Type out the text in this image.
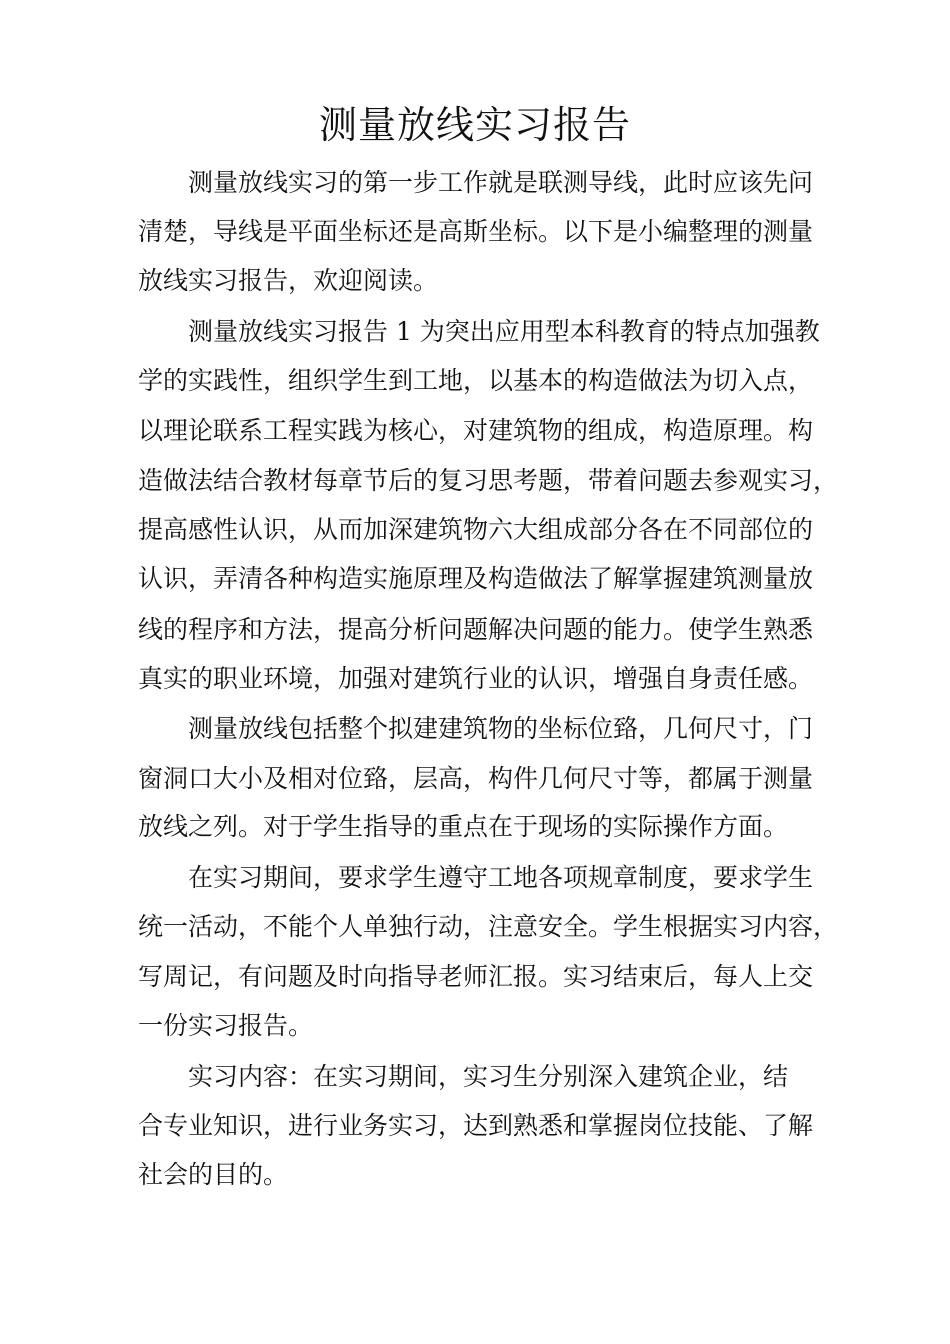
测量放线实习报告

测量放线实习的第一步工作就是联测导线，此时应该先问

清楚，导线是平面坐标还是高斯坐标。以下是小编整理的测量

放线实习报告，欢迎阅读。

测量放线实习报告 1 为突出应用型本科教育的特点加强教

学的实践性，组织学生到工地，以基本的构造做法为切入点，

以理论联系工程实践为核心，对建筑物的组成，构造原理。构

造做法结合教材每章节后的复习思考题，带着问题去参观实习，

提高感性认识，从而加深建筑物六大组成部分各在不同部位的

认识，弄清各种构造实施原理及构造做法了解掌握建筑测量放

线的程序和方法，提高分析问题解决问题的能力。使学生熟悉

真实的职业环境，加强对建筑行业的认识，增强自身责任感。

测量放线包括整个拟建建筑物的坐标位臵，几何尺寸，门

窗洞口大小及相对位臵，层高，构件几何尺寸等，都属于测量

放线之列。对于学生指导的重点在于现场的实际操作方面。

在实习期间，要求学生遵守工地各项规章制度，要求学生

统一活动，不能个人单独行动，注意安全。学生根据实习内容，

写周记，有问题及时向指导老师汇报。实习结束后，每人上交

一份实习报告。

实习内容：在实习期间，实习生分别深入建筑企业，结

合专业知识，进行业务实习，达到熟悉和掌握岗位技能、了解

社会的目的。
